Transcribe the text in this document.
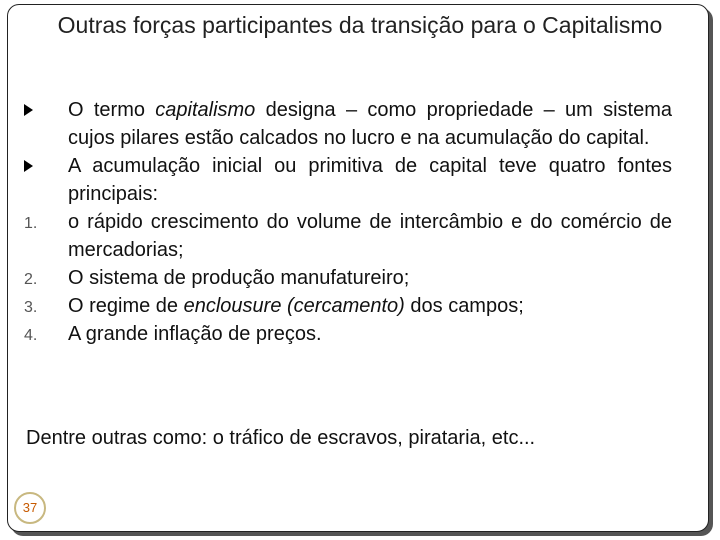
Outras forças participantes da transição para o Capitalismo
O termo capitalismo designa – como propriedade – um sistema cujos pilares estão calcados no lucro e na acumulação do capital.
A acumulação inicial ou primitiva de capital teve quatro fontes principais:
1. o rápido crescimento do volume de intercâmbio e do comércio de mercadorias;
2. O sistema de produção manufatureiro;
3. O regime de enclousure (cercamento) dos campos;
4. A grande inflação de preços.
Dentre outras como: o tráfico de escravos, pirataria, etc...
37
